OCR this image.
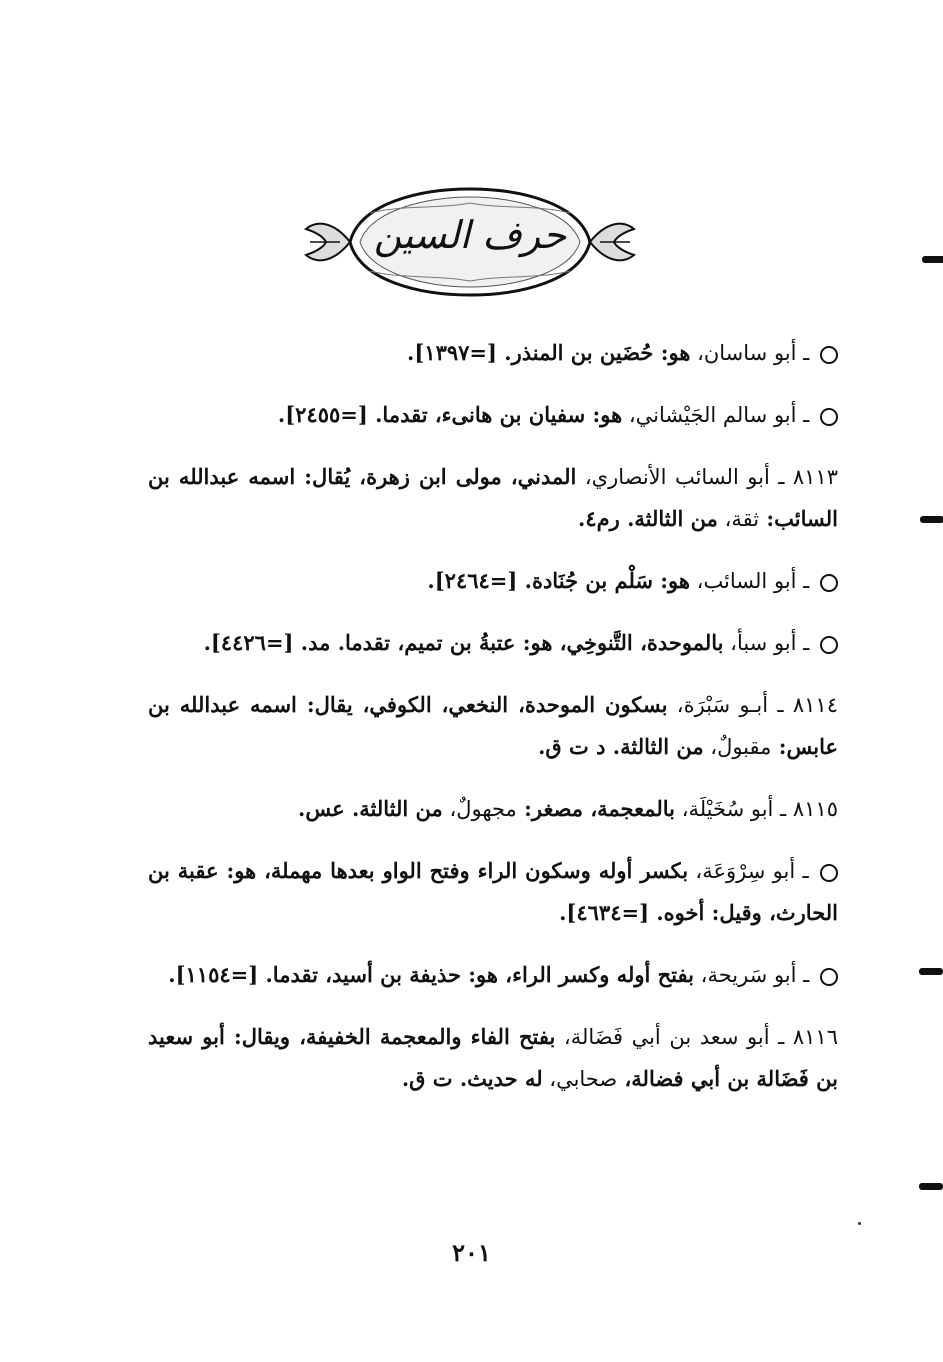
حرف السين
ـ أبو ساسان، هو: حُضَين بن المنذر. [=١٣٩٧].
ـ أبو سالم الجَيْشاني، هو: سفيان بن هانىء، تقدما. [=٢٤٥٥].
٨١١٣ ـ أبو السائب الأنصاري، المدني، مولى ابن زهرة، يُقال: اسمه عبدالله بن السائب: ثقة، من الثالثة. رم٤.
ـ أبو السائب، هو: سَلْم بن جُنَادة. [=٢٤٦٤].
ـ أبو سبأ، بالموحدة، التَّنوخِي، هو: عتبةُ بن تميم، تقدما. مد. [=٤٤٢٦].
٨١١٤ ـ أبـو سَبْرَة، بسكون الموحدة، النخعي، الكوفي، يقال: اسمه عبدالله بن عابس: مقبولٌ، من الثالثة. د ت ق.
٨١١٥ ـ أبو سُخَيْلَة، بالمعجمة، مصغر: مجهولٌ، من الثالثة. عس.
ـ أبو سِرْوَعَة، بكسر أوله وسكون الراء وفتح الواو بعدها مهملة، هو: عقبة بن الحارث، وقيل: أخوه. [=٤٦٣٤].
ـ أبو سَريحة، بفتح أوله وكسر الراء، هو: حذيفة بن أسيد، تقدما. [=١١٥٤].
٨١١٦ ـ أبو سعد بن أبي فَضَالة، بفتح الفاء والمعجمة الخفيفة، ويقال: أبو سعيد بن فَضَالة بن أبي فضالة، صحابي، له حديث. ت ق.
٢٠١
